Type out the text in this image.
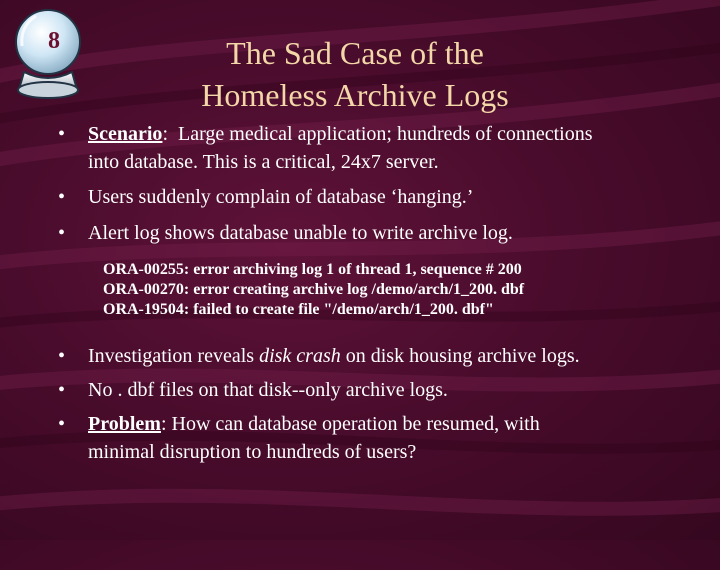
8	The Sad Case of the
Homeless Archive Logs
• Scenario:  Large medical application; hundreds of connections
into database. This is a critical, 24x7 server.
• Users suddenly complain of database ‘hanging.’
• Alert log shows database unable to write archive log.
ORA-00255: error archiving log 1 of thread 1, sequence # 200
ORA-00270: error creating archive log /demo/arch/1_200. dbf
ORA-19504: failed to create file "/demo/arch/1_200. dbf"
• Investigation reveals disk crash on disk housing archive logs.
• No . dbf files on that disk--only archive logs.
• Problem: How can database operation be resumed, with
minimal disruption to hundreds of users?
